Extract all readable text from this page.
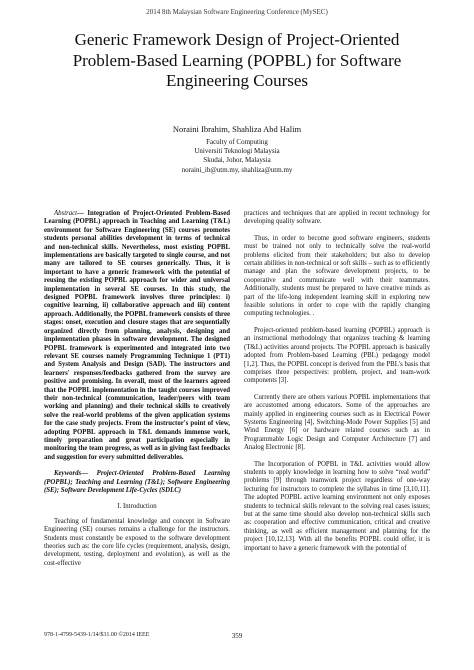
2014 8th Malaysian Software Engineering Conference (MySEC)
Generic Framework Design of Project-Oriented
Problem-Based Learning (POPBL) for Software
Engineering Courses
Noraini Ibrahim, Shahliza Abd Halim
Faculty of Computing
Universiti Teknologi Malaysia
Skudai, Johor, Malaysia
noraini_ib@utm.my, shahliza@utm.my

Abstract— Integration of Project-Oriented Problem-Based Learning (POPBL) approach in Teaching and Learning (T&L) environment for Software Engineering (SE) courses promotes students personal abilities development in terms of technical and non-technical skills. Nevertheless, most existing POPBL implementations are basically targeted to single course, and not many are tailored to SE courses generically. Thus, it is important to have a generic framework with the potential of reusing the existing POPBL approach for wider and universal implementation in several SE courses. In this study, the designed POPBL framework involves three principles: i) cognitive learning, ii) collaborative approach and iii) content approach. Additionally, the POPBL framework consists of three stages: onset, execution and closure stages that are sequentially organized directly from planning, analysis, designing and implementation phases in software development. The designed POPBL framework is experimented and integrated into two relevant SE courses namely Programming Technique 1 (PT1) and System Analysis and Design (SAD). The instructors and learners' responses/feedbacks gathered from the survey are positive and promising. In overall, most of the learners agreed that the POPBL implementation in the taught courses improved their non-technical (communication, leader/peers with team working and planning) and their technical skills to creatively solve the real-world problems of the given application systems for the case study projects. From the instructor's point of view, adopting POPBL approach in T&L demands immense work, timely preparation and great participation especially in monitoring the team progress, as well as in giving fast feedbacks and suggestion for every submitted deliverables.

Keywords— Project-Oriented Problem-Based Learning (POPBL); Teaching and Learning (T&L); Software Engineering (SE); Software Development Life-Cycles (SDLC)

I. Introduction

Teaching of fundamental knowledge and concept in Software Engineering (SE) courses remains a challenge for the instructors. Students must constantly be exposed to the software development theories such as: the core life cycles (requirement, analysis, design, development, testing, deployment and evolution), as well as the cost-effective

practices and techniques that are applied in recent technology for developing quality software.

Thus, in order to become good software engineers, students must be trained not only to technically solve the real-world problems elicited from their stakeholders; but also to develop certain abilities in non-technical or soft skills – such as to efficiently manage and plan the software development projects, to be cooperative and communicate well with their teammates. Additionally, students must be prepared to have creative minds as part of the life-long independent learning skill in exploring new feasible solutions in order to cope with the rapidly changing computing technologies. .

Project-oriented problem-based learning (POPBL) approach is an instructional methodology that organizes teaching & learning (T&L) activities around projects. The POPBL approach is basically adopted from Problem-based Learning (PBL) pedagogy model [1,2]. Thus, the POPBL concept is derived from the PBL's basis that comprises three perspectives: problem, project, and team-work components [3].

Currently there are others various POPBL implementations that are accustomed among educators. Some of the approaches are mainly applied in engineering courses such as in Electrical Power Systems Engineering [4], Switching-Mode Power Supplies [5] and Wind Energy [6] or hardware related courses such as in Programmable Logic Design and Computer Architecture [7] and Analog Electronic [8].

The Incorporation of POPBL in T&L activities would allow students to apply knowledge in learning how to solve “real world” problems [9] through teamwork project regardless of one-way lecturing for instructors to complete the syllabus in time [3,10,11]. The adopted POPBL active learning environment not only exposes students to technical skills relevant to the solving real cases issues; but at the same time should also develop non-technical skills such as: cooperation and effective communication, critical and creative thinking, as well as efficient management and planning for the project [10,12,13]. With all the benefits POPBL could offer, it is important to have a generic framework with the potential of

978-1-4799-5439-1/14/$31.00 ©2014 IEEE	359
